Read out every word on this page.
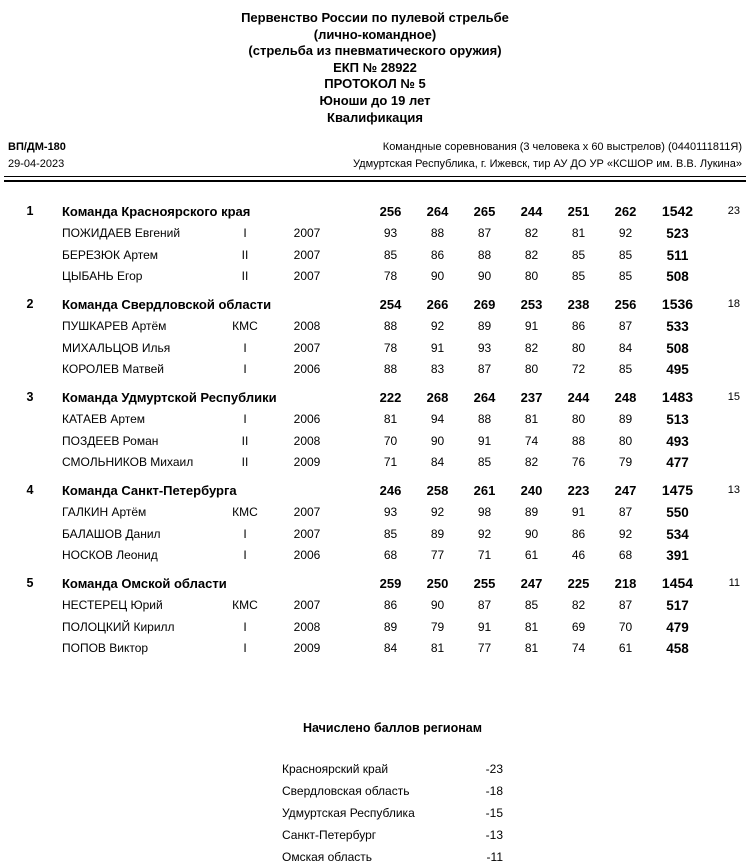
Первенство России по пулевой стрельбе
(лично-командное)
(стрельба из пневматического оружия)
ЕКП № 28922
ПРОТОКОЛ № 5
Юноши до 19 лет
Квалификация
ВП/ДМ-180
29-04-2023
Командные соревнования (3 человека x 60 выстрелов) (0440111811Я)
Удмуртская Республика, г. Ижевск, тир АУ ДО УР «КСШОР им. В.В. Лукина»
1	Команда Красноярского края	256	264	265	244	251	262	1542	23
ПОЖИДАЕВ Евгений	I	2007	93	88	87	82	81	92	523
БЕРЕЗЮК Артем	II	2007	85	86	88	82	85	85	511
ЦЫБАНЬ Егор	II	2007	78	90	90	80	85	85	508
2	Команда Свердловской области	254	266	269	253	238	256	1536	18
ПУШКАРЕВ Артём	КМС	2008	88	92	89	91	86	87	533
МИХАЛЬЦОВ Илья	I	2007	78	91	93	82	80	84	508
КОРОЛЕВ Матвей	I	2006	88	83	87	80	72	85	495
3	Команда Удмуртской Республики	222	268	264	237	244	248	1483	15
КАТАЕВ Артем	I	2006	81	94	88	81	80	89	513
ПОЗДЕЕВ Роман	II	2008	70	90	91	74	88	80	493
СМОЛЬНИКОВ Михаил	II	2009	71	84	85	82	76	79	477
4	Команда Санкт-Петербурга	246	258	261	240	223	247	1475	13
ГАЛКИН Артём	КМС	2007	93	92	98	89	91	87	550
БАЛАШОВ Данил	I	2007	85	89	92	90	86	92	534
НОСКОВ Леонид	I	2006	68	77	71	61	46	68	391
5	Команда Омской области	259	250	255	247	225	218	1454	11
НЕСТЕРЕЦ Юрий	КМС	2007	86	90	87	85	82	87	517
ПОЛОЦКИЙ Кирилл	I	2008	89	79	91	81	69	70	479
ПОПОВ Виктор	I	2009	84	81	77	81	74	61	458
Начислено баллов регионам
Красноярский край	-23
Свердловская область	-18
Удмуртская Республика	-15
Санкт-Петербург	-13
Омская область	-11
